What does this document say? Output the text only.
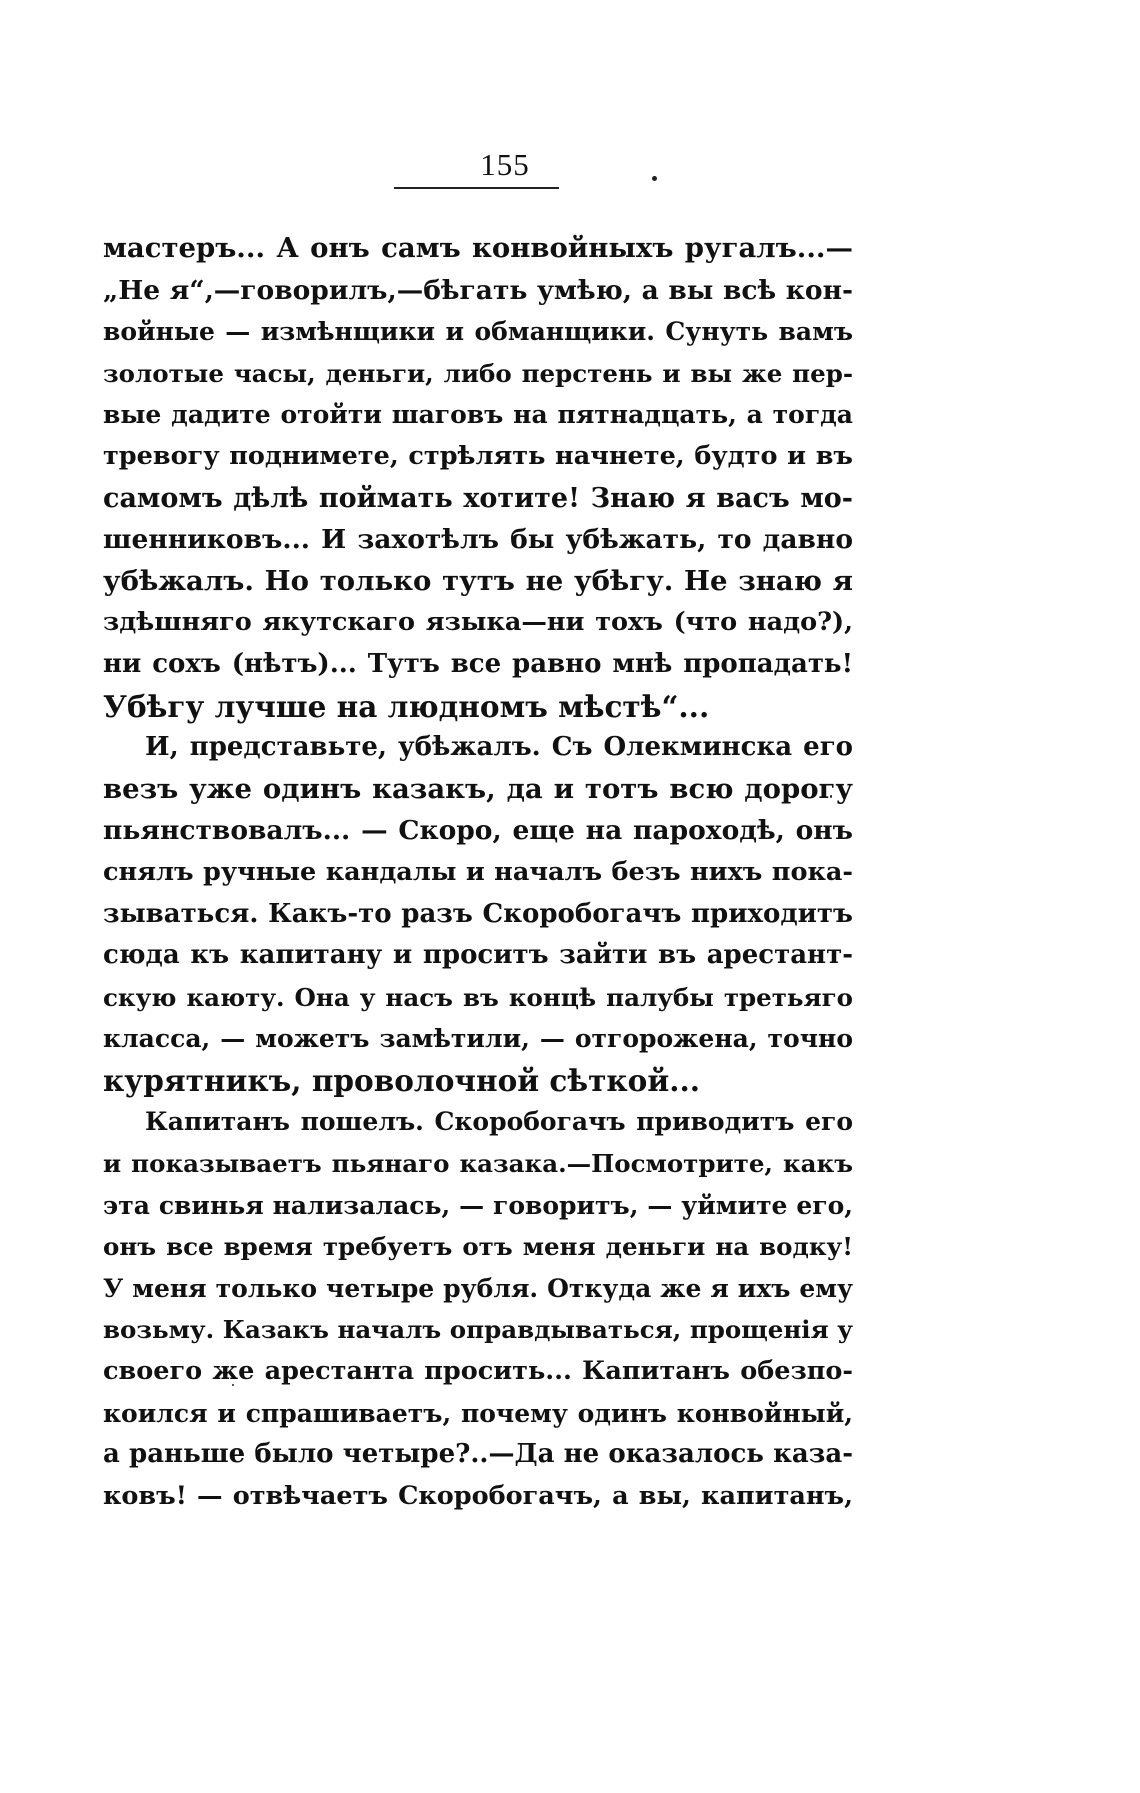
155
мастеръ... А онъ самъ конвойныхъ ругалъ...—
„Не я“,—говорилъ,—бѣгать умѣю, а вы всѣ кон-
войные — измѣнщики и обманщики. Сунуть вамъ
золотые часы, деньги, либо перстень и вы же пер-
вые дадите отойти шаговъ на пятнадцать, а тогда
тревогу поднимете, стрѣлять начнете, будто и въ
самомъ дѣлѣ поймать хотите! Знаю я васъ мо-
шенниковъ... И захотѣлъ бы убѣжать, то давно
убѣжалъ. Но только тутъ не убѣгу. Не знаю я
здѣшняго якутскаго языка—ни тохъ (что надо?),
ни сохъ (нѣтъ)... Тутъ все равно мнѣ пропадать!
Убѣгу лучше на людномъ мѣстѣ“...
И, представьте, убѣжалъ. Съ Олекминска его
везъ уже одинъ казакъ, да и тотъ всю дорогу
пьянствовалъ... — Скоро, еще на пароходѣ, онъ
снялъ ручные кандалы и началъ безъ нихъ пока-
зываться. Какъ-то разъ Скоробогачъ приходитъ
сюда къ капитану и проситъ зайти въ арестант-
скую каюту. Она у насъ въ концѣ палубы третьяго
класса, — можетъ замѣтили, — отгорожена, точно
курятникъ, проволочной сѣткой...
Капитанъ пошелъ. Скоробогачъ приводитъ его
и показываетъ пьянаго казака.—Посмотрите, какъ
эта свинья нализалась, — говоритъ, — уймите его,
онъ все время требуетъ отъ меня деньги на водку!
У меня только четыре рубля. Откуда же я ихъ ему
возьму. Казакъ началъ оправдываться, прощенія у
своего же арестанта просить... Капитанъ обезпо-
коился и спрашиваетъ, почему одинъ конвойный,
а раньше было четыре?..—Да не оказалось каза-
ковъ! — отвѣчаетъ Скоробогачъ, а вы, капитанъ,
